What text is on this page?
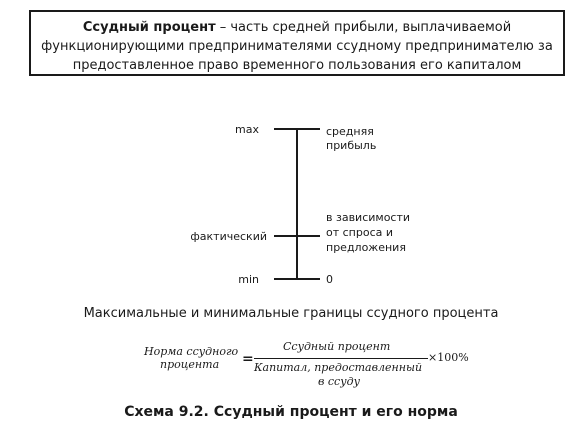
Ссудный процент – часть средней прибыли, выплачиваемой функционирующими предпринимателями ссудному предпринимателю за предоставленное право временного пользования его капиталом
max
фактический
min
средняя
прибыль
в зависимости
от спроса и
предложения
0
Максимальные и минимальные границы ссудного процента
Норма ссудного
процента =
Ссудный процент
Капитал, предоставленный
в ссуду
×100%
Схема 9.2. Ссудный процент и его норма
